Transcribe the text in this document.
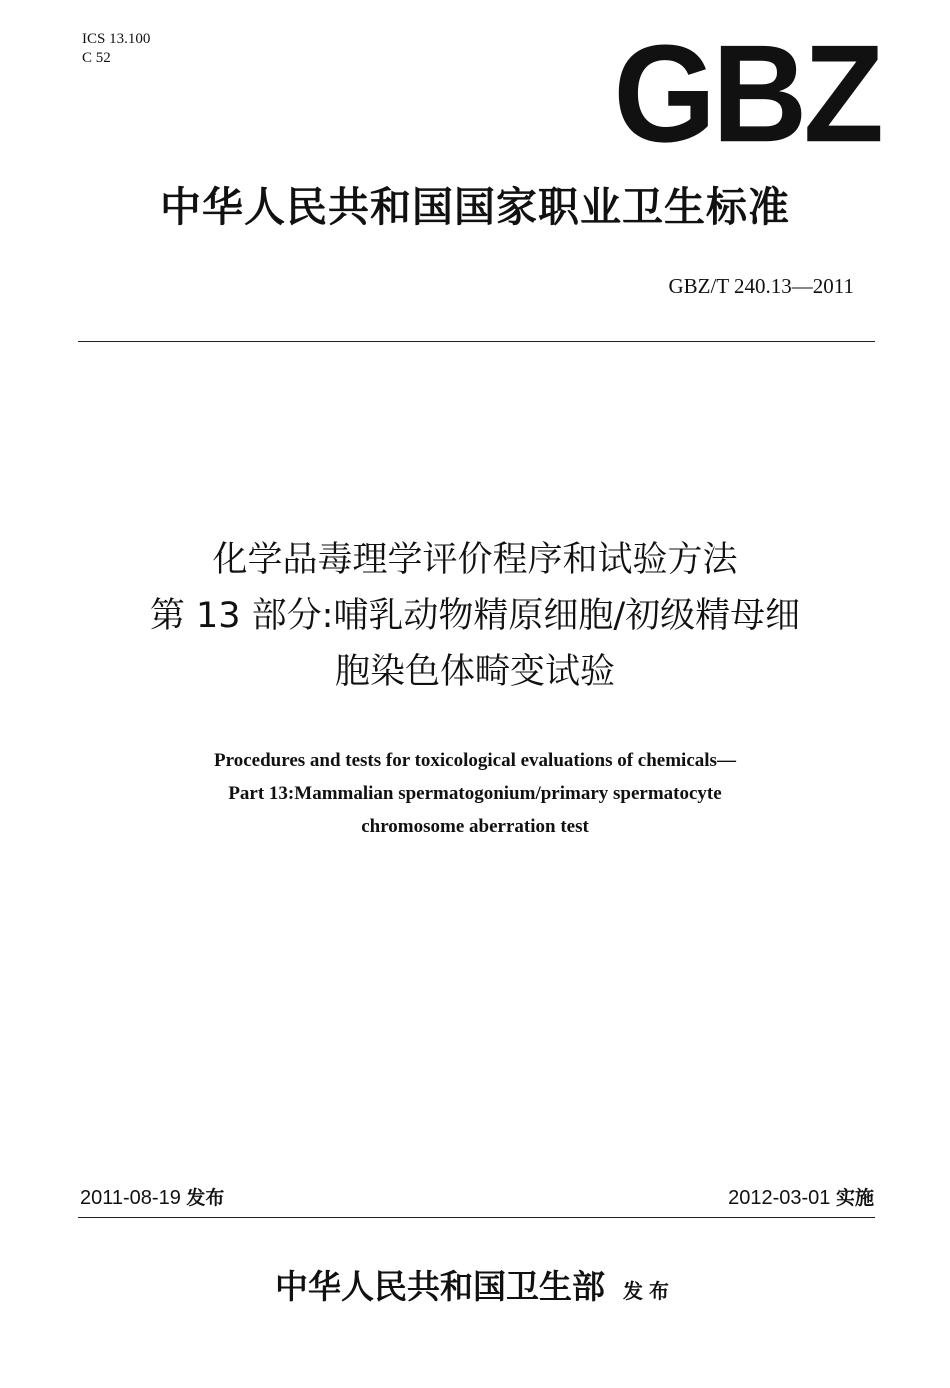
ICS 13.100
C 52	GBZ
中华人民共和国国家职业卫生标准
GBZ/T 240.13—2011
化学品毒理学评价程序和试验方法
第 13 部分:哺乳动物精原细胞/初级精母细
胞染色体畸变试验
Procedures and tests for toxicological evaluations of chemicals—
Part 13:Mammalian spermatogonium/primary spermatocyte
chromosome aberration test
2011-08-19 发布	2012-03-01 实施
中华人民共和国卫生部 发布
